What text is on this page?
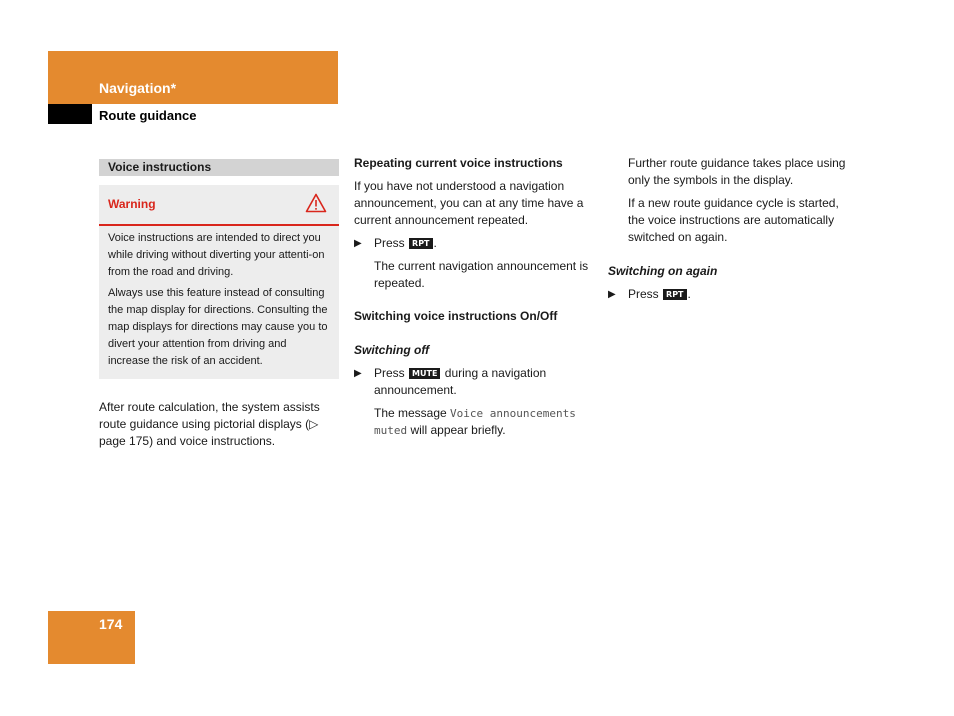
Navigation*
Route guidance
Voice instructions
Warning

Voice instructions are intended to direct you while driving without diverting your attenti-on from the road and driving.

Always use this feature instead of consulting the map display for directions. Consulting the map displays for directions may cause you to divert your attention from driving and increase the risk of an accident.

After route calculation, the system assists route guidance using pictorial displays (▷ page 175) and voice instructions.

Repeating current voice instructions

If you have not understood a navigation announcement, you can at any time have a current announcement repeated.

▶ Press RPT .

The current navigation announcement is repeated.

Switching voice instructions On/Off

Switching off

▶ Press MUTE during a navigation announcement.

The message Voice announcements muted will appear briefly.

Further route guidance takes place using only the symbols in the display.

If a new route guidance cycle is started, the voice instructions are automatically switched on again.

Switching on again

▶ Press RPT .

174
